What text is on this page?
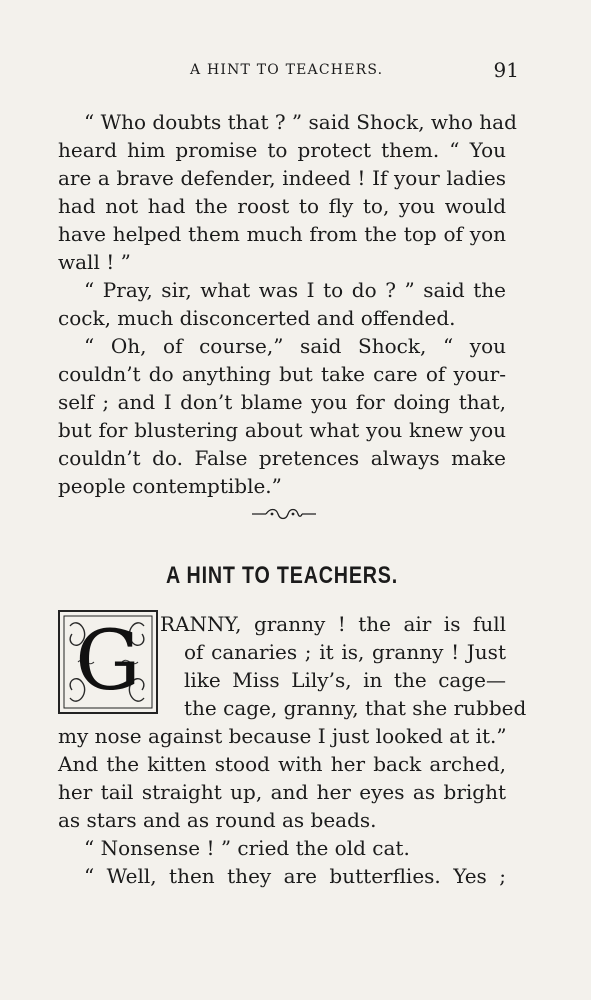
A HINT TO TEACHERS.	91
“ Who doubts that ? ” said Shock, who had
heard him promise to protect them. “ You
are a brave defender, indeed ! If your ladies
had not had the roost to fly to, you would
have helped them much from the top of yon
wall ! ”
“ Pray, sir, what was I to do ? ” said the
cock, much disconcerted and offended.
“ Oh, of course,” said Shock, “ you
couldn’t do anything but take care of your-
self ; and I don’t blame you for doing that,
but for blustering about what you knew you
couldn’t do. False pretences always make
people contemptible.”
A HINT TO TEACHERS.
G RANNY, granny ! the air is full
of canaries ; it is, granny ! Just
like Miss Lily’s, in the cage—
the cage, granny, that she rubbed
my nose against because I just looked at it.”
And the kitten stood with her back arched,
her tail straight up, and her eyes as bright
as stars and as round as beads.
“ Nonsense ! ” cried the old cat.
“ Well, then they are butterflies. Yes ;
